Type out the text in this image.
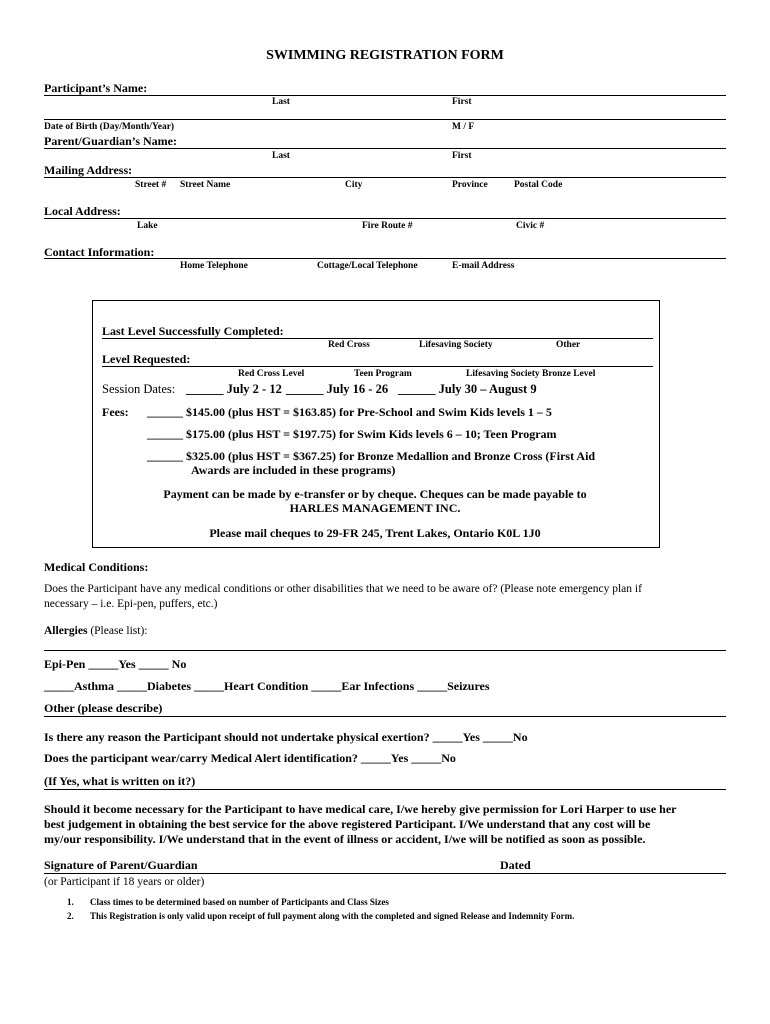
SWIMMING REGISTRATION FORM
Participant’s Name:
Last	First
Date of Birth (Day/Month/Year)	M / F
Parent/Guardian’s Name:
Last	First
Mailing Address:
Street # Street Name	City	Province	Postal Code
Local Address:
Lake	Fire Route #	Civic #
Contact Information:
Home Telephone	Cottage/Local Telephone	E-mail Address
Last Level Successfully Completed:
Red Cross	Lifesaving Society	Other
Level Requested:
Red Cross Level	Teen Program	Lifesaving Society Bronze Level
Session Dates: ______ July 2 - 12 ______ July 16 - 26 ______ July 30 – August 9
Fees: ______ $145.00 (plus HST = $163.85) for Pre-School and Swim Kids levels 1 – 5
______ $175.00 (plus HST = $197.75) for Swim Kids levels 6 – 10; Teen Program
______ $325.00 (plus HST = $367.25) for Bronze Medallion and Bronze Cross (First Aid
Awards are included in these programs)
Payment can be made by e-transfer or by cheque. Cheques can be made payable to
HARLES MANAGEMENT INC.
Please mail cheques to 29-FR 245, Trent Lakes, Ontario K0L 1J0
Medical Conditions:
Does the Participant have any medical conditions or other disabilities that we need to be aware of? (Please note emergency plan if
necessary – i.e. Epi-pen, puffers, etc.)
Allergies (Please list):
Epi-Pen _____Yes _____ No
_____Asthma _____Diabetes _____Heart Condition _____Ear Infections _____Seizures
Other (please describe)
Is there any reason the Participant should not undertake physical exertion? _____Yes _____No
Does the participant wear/carry Medical Alert identification? _____Yes _____No
(If Yes, what is written on it?)
Should it become necessary for the Participant to have medical care, I/we hereby give permission for Lori Harper to use her
best judgement in obtaining the best service for the above registered Participant. I/We understand that any cost will be
my/our responsibility. I/We understand that in the event of illness or accident, I/we will be notified as soon as possible.
Signature of Parent/Guardian	Dated
(or Participant if 18 years or older)
1. Class times to be determined based on number of Participants and Class Sizes
2. This Registration is only valid upon receipt of full payment along with the completed and signed Release and Indemnity Form.
